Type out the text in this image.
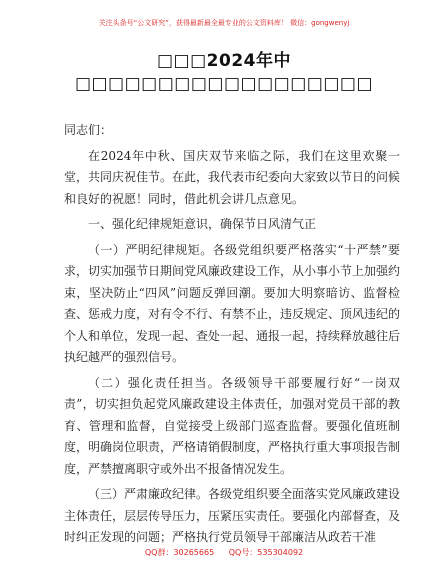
关注头条号“公文研究”，获得最新最全最专业的公文资料库！ 微信：gongwenyj
□□□2024年中□□□□□□□□□□□□□□□□□□

同志们：

在2024年中秋、国庆双节来临之际，我们在这里欢聚一堂，共同庆祝佳节。在此，我代表市纪委向大家致以节日的问候和良好的祝愿！同时，借此机会讲几点意见。

一、强化纪律规矩意识，确保节日风清气正

（一）严明纪律规矩。各级党组织要严格落实“十严禁”要求，切实加强节日期间党风廉政建设工作，从小事小节上加强约束，坚决防止“四风”问题反弹回潮。要加大明察暗访、监督检查、惩戒力度，对有令不行、有禁不止，违反规定、顶风违纪的个人和单位，发现一起、查处一起、通报一起，持续释放越往后执纪越严的强烈信号。

（二）强化责任担当。各级领导干部要履行好“一岗双责”，切实担负起党风廉政建设主体责任，加强对党员干部的教育、管理和监督，自觉接受上级部门巡查监督。要强化值班制度，明确岗位职责，严格请销假制度，严格执行重大事项报告制度，严禁擅离职守或外出不报备情况发生。

（三）严肃廉政纪律。各级党组织要全面落实党风廉政建设主体责任，层层传导压力，压紧压实责任。要强化内部督查，及时纠正发现的问题；严格执行党员领导干部廉洁从政若干准

QQ群：30265665 QQ号：535304092
